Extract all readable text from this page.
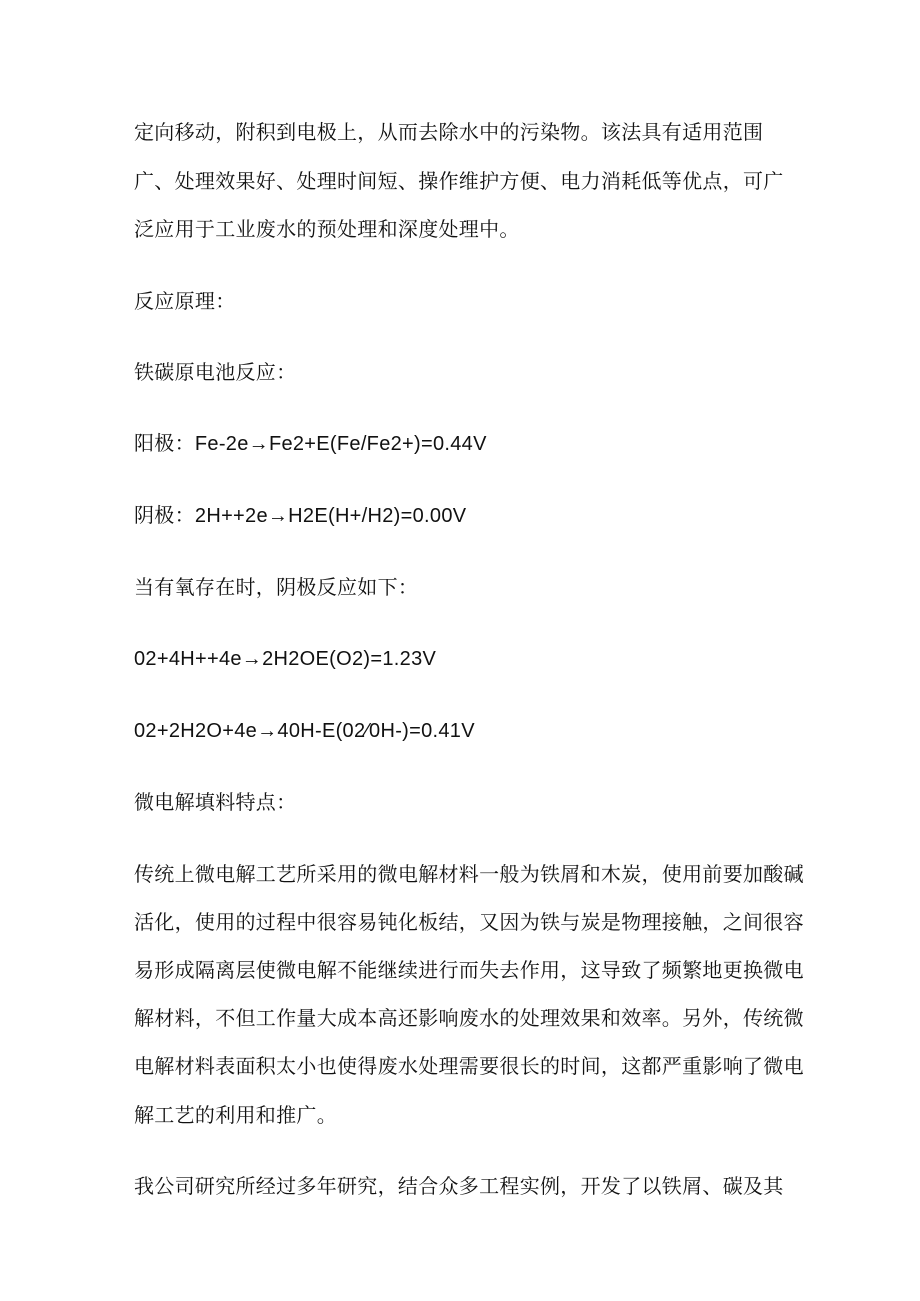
定向移动，附积到电极上，从而去除水中的污染物。该法具有适用范围
广、处理效果好、处理时间短、操作维护方便、电力消耗低等优点，可广
泛应用于工业废水的预处理和深度处理中。
反应原理：
铁碳原电池反应：
阳极：Fe-2e→Fe2+E(Fe/Fe2+)=0.44V
阴极：2H++2e→H2E(H+/H2)=0.00V
当有氧存在时，阴极反应如下：
02+4H++4e→2H2OE(O2)=1.23V
02+2H2O+4e→40H-E(02⁄0H-)=0.41V
微电解填料特点：
传统上微电解工艺所采用的微电解材料一般为铁屑和木炭，使用前要加酸碱
活化，使用的过程中很容易钝化板结，又因为铁与炭是物理接触，之间很容
易形成隔离层使微电解不能继续进行而失去作用，这导致了频繁地更换微电
解材料，不但工作量大成本高还影响废水的处理效果和效率。另外，传统微
电解材料表面积太小也使得废水处理需要很长的时间，这都严重影响了微电
解工艺的利用和推广。
我公司研究所经过多年研究，结合众多工程实例，开发了以铁屑、碳及其
